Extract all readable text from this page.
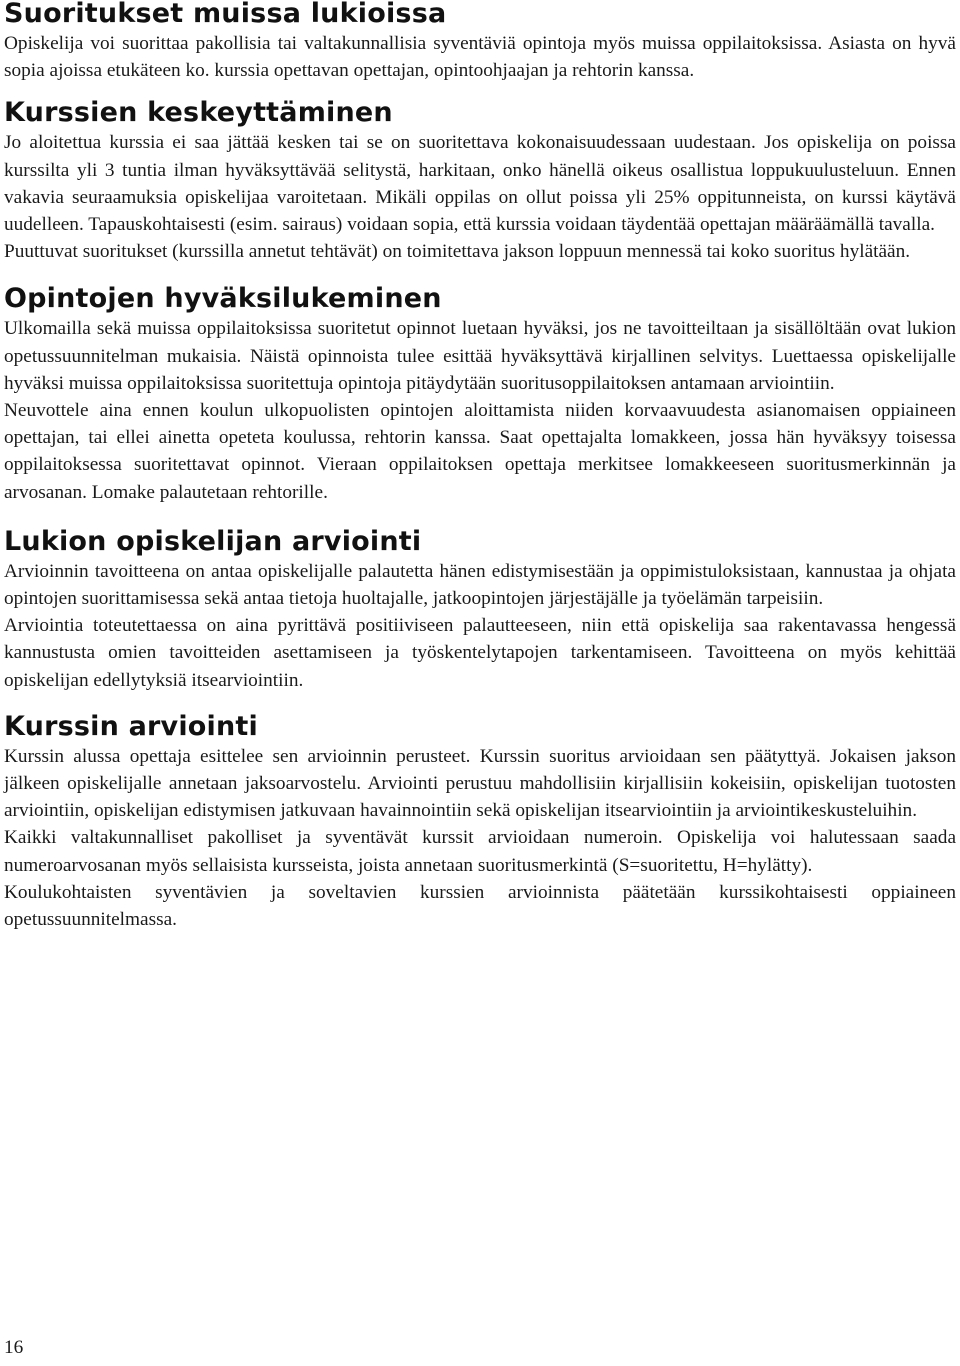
Suoritukset muissa lukioissa

Opiskelija voi suorittaa pakollisia tai valtakunnallisia syventäviä opintoja myös muissa oppilaitoksissa. Asiasta on hyvä sopia ajoissa etukäteen ko. kurssia opettavan opettajan, opintoohjaajan ja rehtorin kanssa.

Kurssien keskeyttäminen

Jo aloitettua kurssia ei saa jättää kesken tai se on suoritettava kokonaisuudessaan uudestaan. Jos opiskelija on poissa kurssilta yli 3 tuntia ilman hyväksyttävää selitystä, harkitaan, onko hänellä oikeus osallistua loppukuulusteluun. Ennen vakavia seuraamuksia opiskelijaa varoitetaan. Mikäli oppilas on ollut poissa yli 25% oppitunneista, on kurssi käytävä uudelleen. Tapauskohtaisesti (esim. sairaus) voidaan sopia, että kurssia voidaan täydentää opettajan määräämällä tavalla.

Puuttuvat suoritukset (kurssilla annetut tehtävät) on toimitettava jakson loppuun mennessä tai koko suoritus hylätään.

Opintojen hyväksilukeminen

Ulkomailla sekä muissa oppilaitoksissa suoritetut opinnot luetaan hyväksi, jos ne tavoitteiltaan ja sisällöltään ovat lukion opetussuunnitelman mukaisia. Näistä opinnoista tulee esittää hyväksyttävä kirjallinen selvitys. Luettaessa opiskelijalle hyväksi muissa oppilaitoksissa suoritettuja opintoja pitäydytään suoritusoppilaitoksen antamaan arviointiin.

Neuvottele aina ennen koulun ulkopuolisten opintojen aloittamista niiden korvaavuudesta asianomaisen oppiaineen opettajan, tai ellei ainetta opeteta koulussa, rehtorin kanssa. Saat opettajalta lomakkeen, jossa hän hyväksyy toisessa oppilaitoksessa suoritettavat opinnot. Vieraan oppilaitoksen opettaja merkitsee lomakkeeseen suoritusmerkinnän ja arvosanan. Lomake palautetaan rehtorille.

Lukion opiskelijan arviointi

Arvioinnin tavoitteena on antaa opiskelijalle palautetta hänen edistymisestään ja oppimistuloksistaan, kannustaa ja ohjata opintojen suorittamisessa sekä antaa tietoja huoltajalle, jatkoopintojen järjestäjälle ja työelämän tarpeisiin.

Arviointia toteutettaessa on aina pyrittävä positiiviseen palautteeseen, niin että opiskelija saa rakentavassa hengessä kannustusta omien tavoitteiden asettamiseen ja työskentelytapojen tarkentamiseen. Tavoitteena on myös kehittää opiskelijan edellytyksiä itsearviointiin.

Kurssin arviointi

Kurssin alussa opettaja esittelee sen arvioinnin perusteet. Kurssin suoritus arvioidaan sen päätyttyä. Jokaisen jakson jälkeen opiskelijalle annetaan jaksoarvostelu. Arviointi perustuu mahdollisiin kirjallisiin kokeisiin, opiskelijan tuotosten arviointiin, opiskelijan edistymisen jatkuvaan havainnointiin sekä opiskelijan itsearviointiin ja arviointikeskusteluihin.

Kaikki valtakunnalliset pakolliset ja syventävät kurssit arvioidaan numeroin. Opiskelija voi halutessaan saada numeroarvosanan myös sellaisista kursseista, joista annetaan suoritusmerkintä (S=suoritettu, H=hylätty).

Koulukohtaisten syventävien ja soveltavien kurssien arvioinnista päätetään kurssikohtaisesti oppiaineen opetussuunnitelmassa.

16
